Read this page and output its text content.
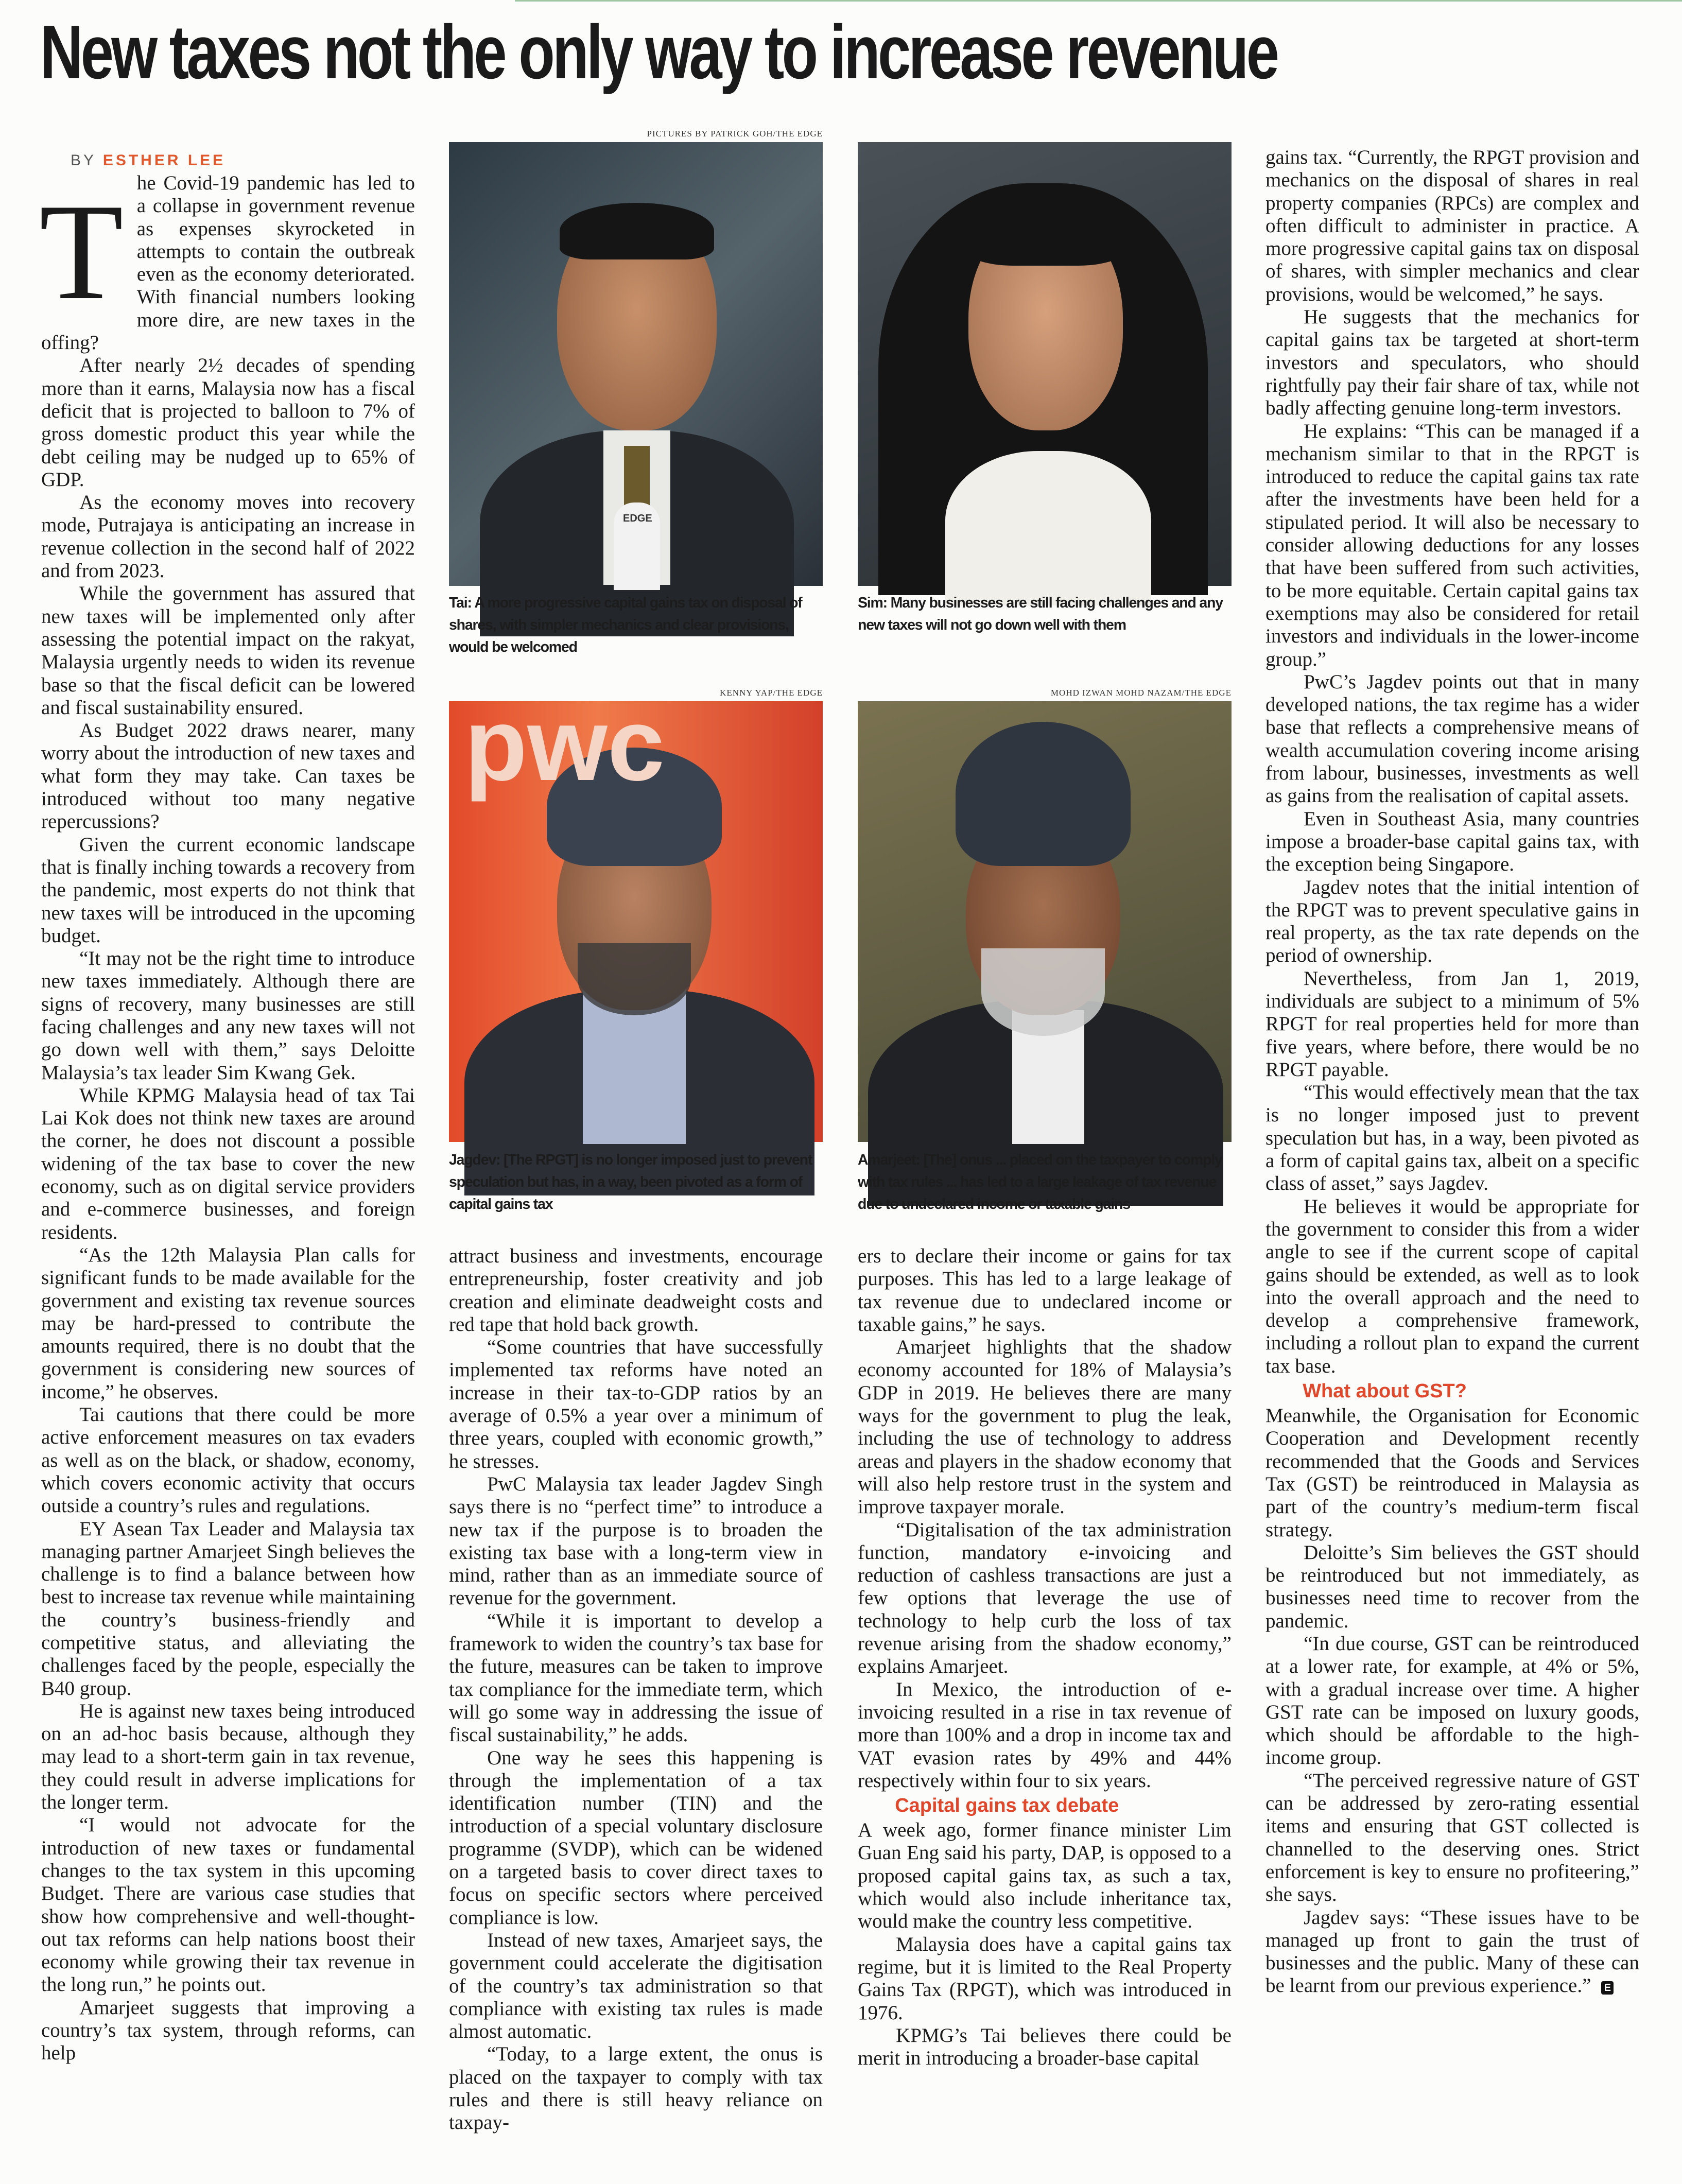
New taxes not the only way to increase revenue

BY ESTHER LEE

T he Covid-19 pandemic has led to a collapse in government revenue as expenses skyrocketed in attempts to contain the outbreak even as the economy deteriorated. With financial numbers looking more dire, are new taxes in the offing?

After nearly 2½ decades of spending more than it earns, Malaysia now has a fiscal deficit that is projected to balloon to 7% of gross domestic product this year while the debt ceiling may be nudged up to 65% of GDP.

As the economy moves into recovery mode, Putrajaya is anticipating an increase in revenue collection in the second half of 2022 and from 2023.

While the government has assured that new taxes will be implemented only after assessing the potential impact on the rakyat, Malaysia urgently needs to widen its revenue base so that the fiscal deficit can be lowered and fiscal sustainability ensured.

As Budget 2022 draws nearer, many worry about the introduction of new taxes and what form they may take. Can taxes be introduced without too many negative repercussions?

Given the current economic landscape that is finally inching towards a recovery from the pandemic, most experts do not think that new taxes will be introduced in the upcoming budget.

“It may not be the right time to introduce new taxes immediately. Although there are signs of recovery, many businesses are still facing challenges and any new taxes will not go down well with them,” says Deloitte Malaysia’s tax leader Sim Kwang Gek.

While KPMG Malaysia head of tax Tai Lai Kok does not think new taxes are around the corner, he does not discount a possible widening of the tax base to cover the new economy, such as on digital service providers and e-commerce businesses, and foreign residents.

“As the 12th Malaysia Plan calls for significant funds to be made available for the government and existing tax revenue sources may be hard-pressed to contribute the amounts required, there is no doubt that the government is considering new sources of income,” he observes.

Tai cautions that there could be more active enforcement measures on tax evaders as well as on the black, or shadow, economy, which covers economic activity that occurs outside a country’s rules and regulations.

EY Asean Tax Leader and Malaysia tax managing partner Amarjeet Singh believes the challenge is to find a balance between how best to increase tax revenue while maintaining the country’s business-friendly and competitive status, and alleviating the challenges faced by the people, especially the B40 group.

He is against new taxes being introduced on an ad-hoc basis because, although they may lead to a short-term gain in tax revenue, they could result in adverse implications for the longer term.

“I would not advocate for the introduction of new taxes or fundamental changes to the tax system in this upcoming Budget. There are various case studies that show how comprehensive and well-thought-out tax reforms can help nations boost their economy while growing their tax revenue in the long run,” he points out.

Amarjeet suggests that improving a country’s tax system, through reforms, can help

PICTURES BY PATRICK GOH/THE EDGE
EDGE
Tai: A more progressive capital gains tax on disposal of shares, with simpler mechanics and clear provisions, would be welcomed
Sim: Many businesses are still facing challenges and any new taxes will not go down well with them
KENNY YAP/THE EDGE
pwc
Jagdev: [The RPGT] is no longer imposed just to prevent speculation but has, in a way, been pivoted as a form of capital gains tax
MOHD IZWAN MOHD NAZAM/THE EDGE
Amarjeet: [The] onus ... placed on the taxpayer to comply with tax rules ... has led to a large leakage of tax revenue due to undeclared income or taxable gains

attract business and investments, encourage entrepreneurship, foster creativity and job creation and eliminate deadweight costs and red tape that hold back growth.

“Some countries that have successfully implemented tax reforms have noted an increase in their tax-to-GDP ratios by an average of 0.5% a year over a minimum of three years, coupled with economic growth,” he stresses.

PwC Malaysia tax leader Jagdev Singh says there is no “perfect time” to introduce a new tax if the purpose is to broaden the existing tax base with a long-term view in mind, rather than as an immediate source of revenue for the government.

“While it is important to develop a framework to widen the country’s tax base for the future, measures can be taken to improve tax compliance for the immediate term, which will go some way in addressing the issue of fiscal sustainability,” he adds.

One way he sees this happening is through the implementation of a tax identification number (TIN) and the introduction of a special voluntary disclosure programme (SVDP), which can be widened on a targeted basis to cover direct taxes to focus on specific sectors where perceived compliance is low.

Instead of new taxes, Amarjeet says, the government could accelerate the digitisation of the country’s tax administration so that compliance with existing tax rules is made almost automatic.

“Today, to a large extent, the onus is placed on the taxpayer to comply with tax rules and there is still heavy reliance on taxpay-

ers to declare their income or gains for tax purposes. This has led to a large leakage of tax revenue due to undeclared income or taxable gains,” he says.

Amarjeet highlights that the shadow economy accounted for 18% of Malaysia’s GDP in 2019. He believes there are many ways for the government to plug the leak, including the use of technology to address areas and players in the shadow economy that will also help restore trust in the system and improve taxpayer morale.

“Digitalisation of the tax administration function, mandatory e-invoicing and reduction of cashless transactions are just a few options that leverage the use of technology to help curb the loss of tax revenue arising from the shadow economy,” explains Amarjeet.

In Mexico, the introduction of e-invoicing resulted in a rise in tax revenue of more than 100% and a drop in income tax and VAT evasion rates by 49% and 44% respectively within four to six years.

Capital gains tax debate

A week ago, former finance minister Lim Guan Eng said his party, DAP, is opposed to a proposed capital gains tax, as such a tax, which would also include inheritance tax, would make the country less competitive.

Malaysia does have a capital gains tax regime, but it is limited to the Real Property Gains Tax (RPGT), which was introduced in 1976.

KPMG’s Tai believes there could be merit in introducing a broader-base capital

gains tax. “Currently, the RPGT provision and mechanics on the disposal of shares in real property companies (RPCs) are complex and often difficult to administer in practice. A more progressive capital gains tax on disposal of shares, with simpler mechanics and clear provisions, would be welcomed,” he says.

He suggests that the mechanics for capital gains tax be targeted at short-term investors and speculators, who should rightfully pay their fair share of tax, while not badly affecting genuine long-term investors.

He explains: “This can be managed if a mechanism similar to that in the RPGT is introduced to reduce the capital gains tax rate after the investments have been held for a stipulated period. It will also be necessary to consider allowing deductions for any losses that have been suffered from such activities, to be more equitable. Certain capital gains tax exemptions may also be considered for retail investors and individuals in the lower-income group.”

PwC’s Jagdev points out that in many developed nations, the tax regime has a wider base that reflects a comprehensive means of wealth accumulation covering income arising from labour, businesses, investments as well as gains from the realisation of capital assets.

Even in Southeast Asia, many countries impose a broader-base capital gains tax, with the exception being Singapore.

Jagdev notes that the initial intention of the RPGT was to prevent speculative gains in real property, as the tax rate depends on the period of ownership.

Nevertheless, from Jan 1, 2019, individuals are subject to a minimum of 5% RPGT for real properties held for more than five years, where before, there would be no RPGT payable.

“This would effectively mean that the tax is no longer imposed just to prevent speculation but has, in a way, been pivoted as a form of capital gains tax, albeit on a specific class of asset,” says Jagdev.

He believes it would be appropriate for the government to consider this from a wider angle to see if the current scope of capital gains should be extended, as well as to look into the overall approach and the need to develop a comprehensive framework, including a rollout plan to expand the current tax base.

What about GST?

Meanwhile, the Organisation for Economic Cooperation and Development recently recommended that the Goods and Services Tax (GST) be reintroduced in Malaysia as part of the country’s medium-term fiscal strategy.

Deloitte’s Sim believes the GST should be reintroduced but not immediately, as businesses need time to recover from the pandemic.

“In due course, GST can be reintroduced at a lower rate, for example, at 4% or 5%, with a gradual increase over time. A higher GST rate can be imposed on luxury goods, which should be affordable to the high-income group.

“The perceived regressive nature of GST can be addressed by zero-rating essential items and ensuring that GST collected is channelled to the deserving ones. Strict enforcement is key to ensure no profiteering,” she says.

Jagdev says: “These issues have to be managed up front to gain the trust of businesses and the public. Many of these can be learnt from our previous experience.” E
